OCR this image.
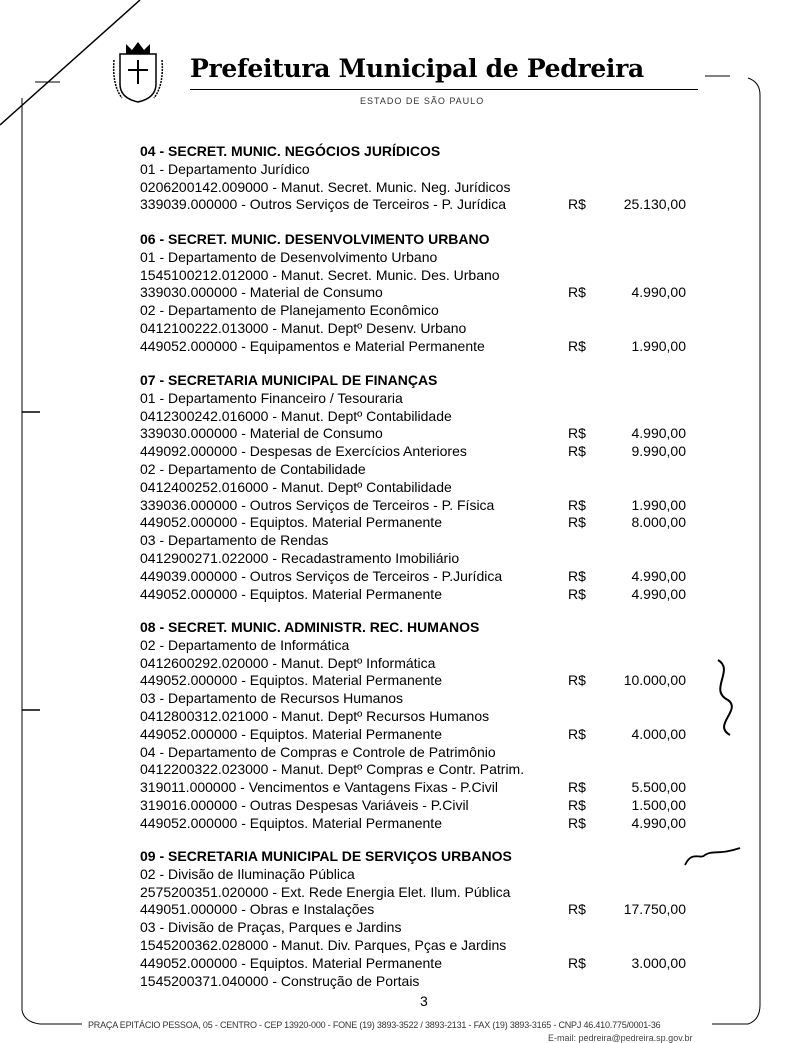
Prefeitura Municipal de Pedreira
ESTADO DE SÃO PAULO
04 - SECRET. MUNIC. NEGÓCIOS JURÍDICOS
01 - Departamento Jurídico
0206200142.009000 - Manut. Secret. Munic. Neg. Jurídicos
339039.000000 - Outros Serviços de Terceiros - P. Jurídica	R$	25.130,00
06 - SECRET. MUNIC. DESENVOLVIMENTO URBANO
01 - Departamento de Desenvolvimento Urbano
1545100212.012000 - Manut. Secret. Munic. Des. Urbano
339030.000000 - Material de Consumo	R$	4.990,00
02 - Departamento de Planejamento Econômico
0412100222.013000 - Manut. Deptº Desenv. Urbano
449052.000000 - Equipamentos e Material Permanente	R$	1.990,00
07 - SECRETARIA MUNICIPAL DE FINANÇAS
01 - Departamento Financeiro / Tesouraria
0412300242.016000 - Manut. Deptº Contabilidade
339030.000000 - Material de Consumo	R$	4.990,00
449092.000000 - Despesas de Exercícios Anteriores	R$	9.990,00
02 - Departamento de Contabilidade
0412400252.016000 - Manut. Deptº Contabilidade
339036.000000 - Outros Serviços de Terceiros - P. Física	R$	1.990,00
449052.000000 - Equiptos. Material Permanente	R$	8.000,00
03 - Departamento de Rendas
0412900271.022000 - Recadastramento Imobiliário
449039.000000 - Outros Serviços de Terceiros - P.Jurídica	R$	4.990,00
449052.000000 - Equiptos. Material Permanente	R$	4.990,00
08 - SECRET. MUNIC. ADMINISTR. REC. HUMANOS
02 - Departamento de Informática
0412600292.020000 - Manut. Deptº Informática
449052.000000 - Equiptos. Material Permanente	R$	10.000,00
03 - Departamento de Recursos Humanos
0412800312.021000 - Manut. Deptº Recursos Humanos
449052.000000 - Equiptos. Material Permanente	R$	4.000,00
04 - Departamento de Compras e Controle de Patrimônio
0412200322.023000 - Manut. Deptº Compras e Contr. Patrim.
319011.000000 - Vencimentos e Vantagens Fixas - P.Civil	R$	5.500,00
319016.000000 - Outras Despesas Variáveis - P.Civil	R$	1.500,00
449052.000000 - Equiptos. Material Permanente	R$	4.990,00
09 - SECRETARIA MUNICIPAL DE SERVIÇOS URBANOS
02 - Divisão de Iluminação Pública
2575200351.020000 - Ext. Rede Energia Elet. Ilum. Pública
449051.000000 - Obras e Instalações	R$	17.750,00
03 - Divisão de Praças, Parques e Jardins
1545200362.028000 - Manut. Div. Parques, Pças e Jardins
449052.000000 - Equiptos. Material Permanente	R$	3.000,00
1545200371.040000 - Construção de Portais
3
PRAÇA EPITÁCIO PESSOA, 05 - CENTRO - CEP 13920-000 - FONE (19) 3893-3522 / 3893-2131 - FAX (19) 3893-3165 - CNPJ 46.410.775/0001-36
E-mail: pedreira@pedreira.sp.gov.br
